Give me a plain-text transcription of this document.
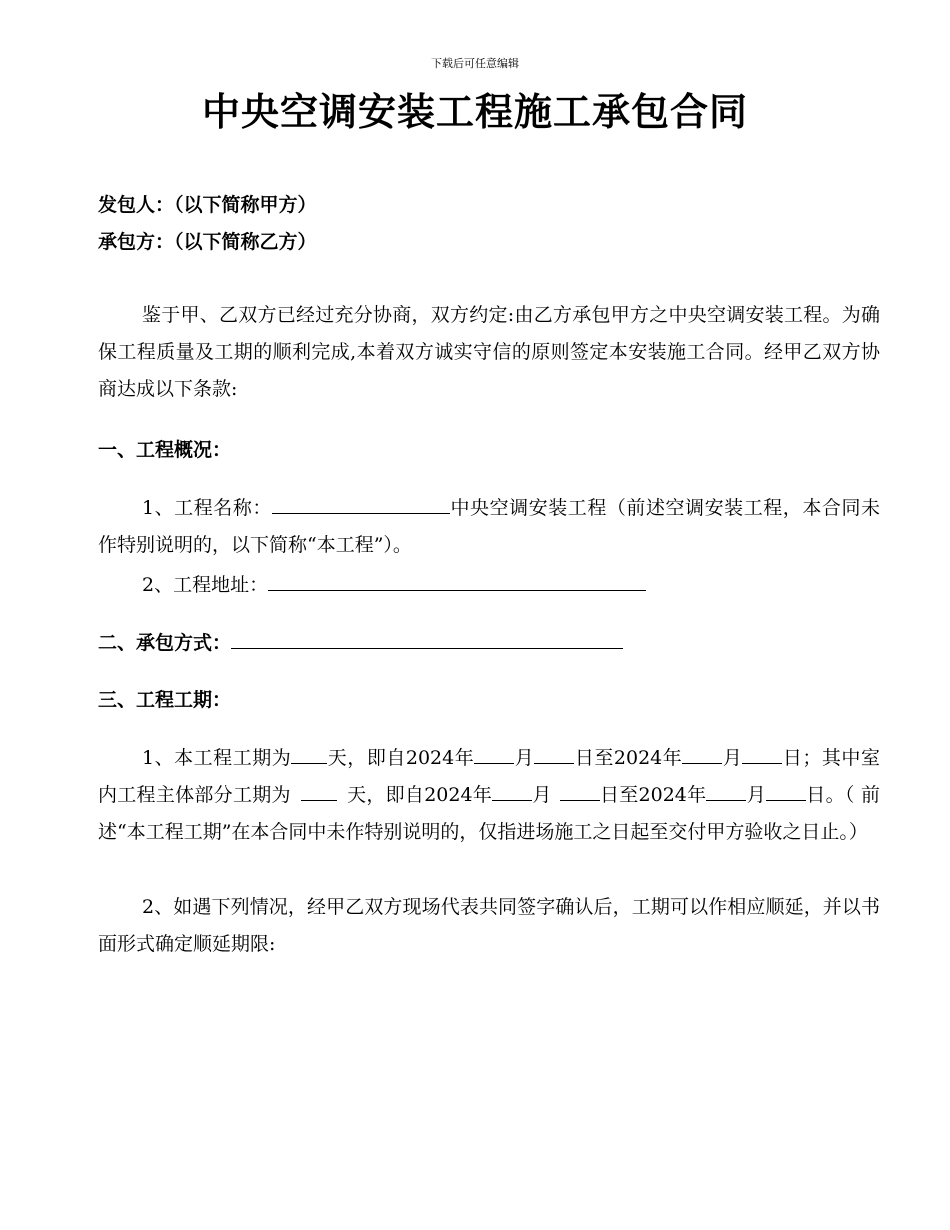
下载后可任意编辑
中央空调安装工程施工承包合同
发包人：（以下简称甲方）
承包方：（以下简称乙方）
鉴于甲、乙双方已经过充分协商，双方约定:由乙方承包甲方之中央空调安装工程。为确保工程质量及工期的顺利完成,本着双方诚实守信的原则签定本安装施工合同。经甲乙双方协商达成以下条款:
一、工程概况：
1、工程名称：	中央空调安装工程（前述空调安装工程，本合同未作特别说明的，以下简称“本工程”）。
2、工程地址：
二、承包方式：
三、工程工期：
1、本工程工期为 天，即自2024年 月 日至2024年 月 日；其中室内工程主体部分工期为	天，即自2024年 月	日至2024年 月 日。（ 前述“本工程工期”在本合同中未作特别说明的，仅指进场施工之日起至交付甲方验收之日止。）
2、如遇下列情况，经甲乙双方现场代表共同签字确认后，工期可以作相应顺延，并以书面形式确定顺延期限:
